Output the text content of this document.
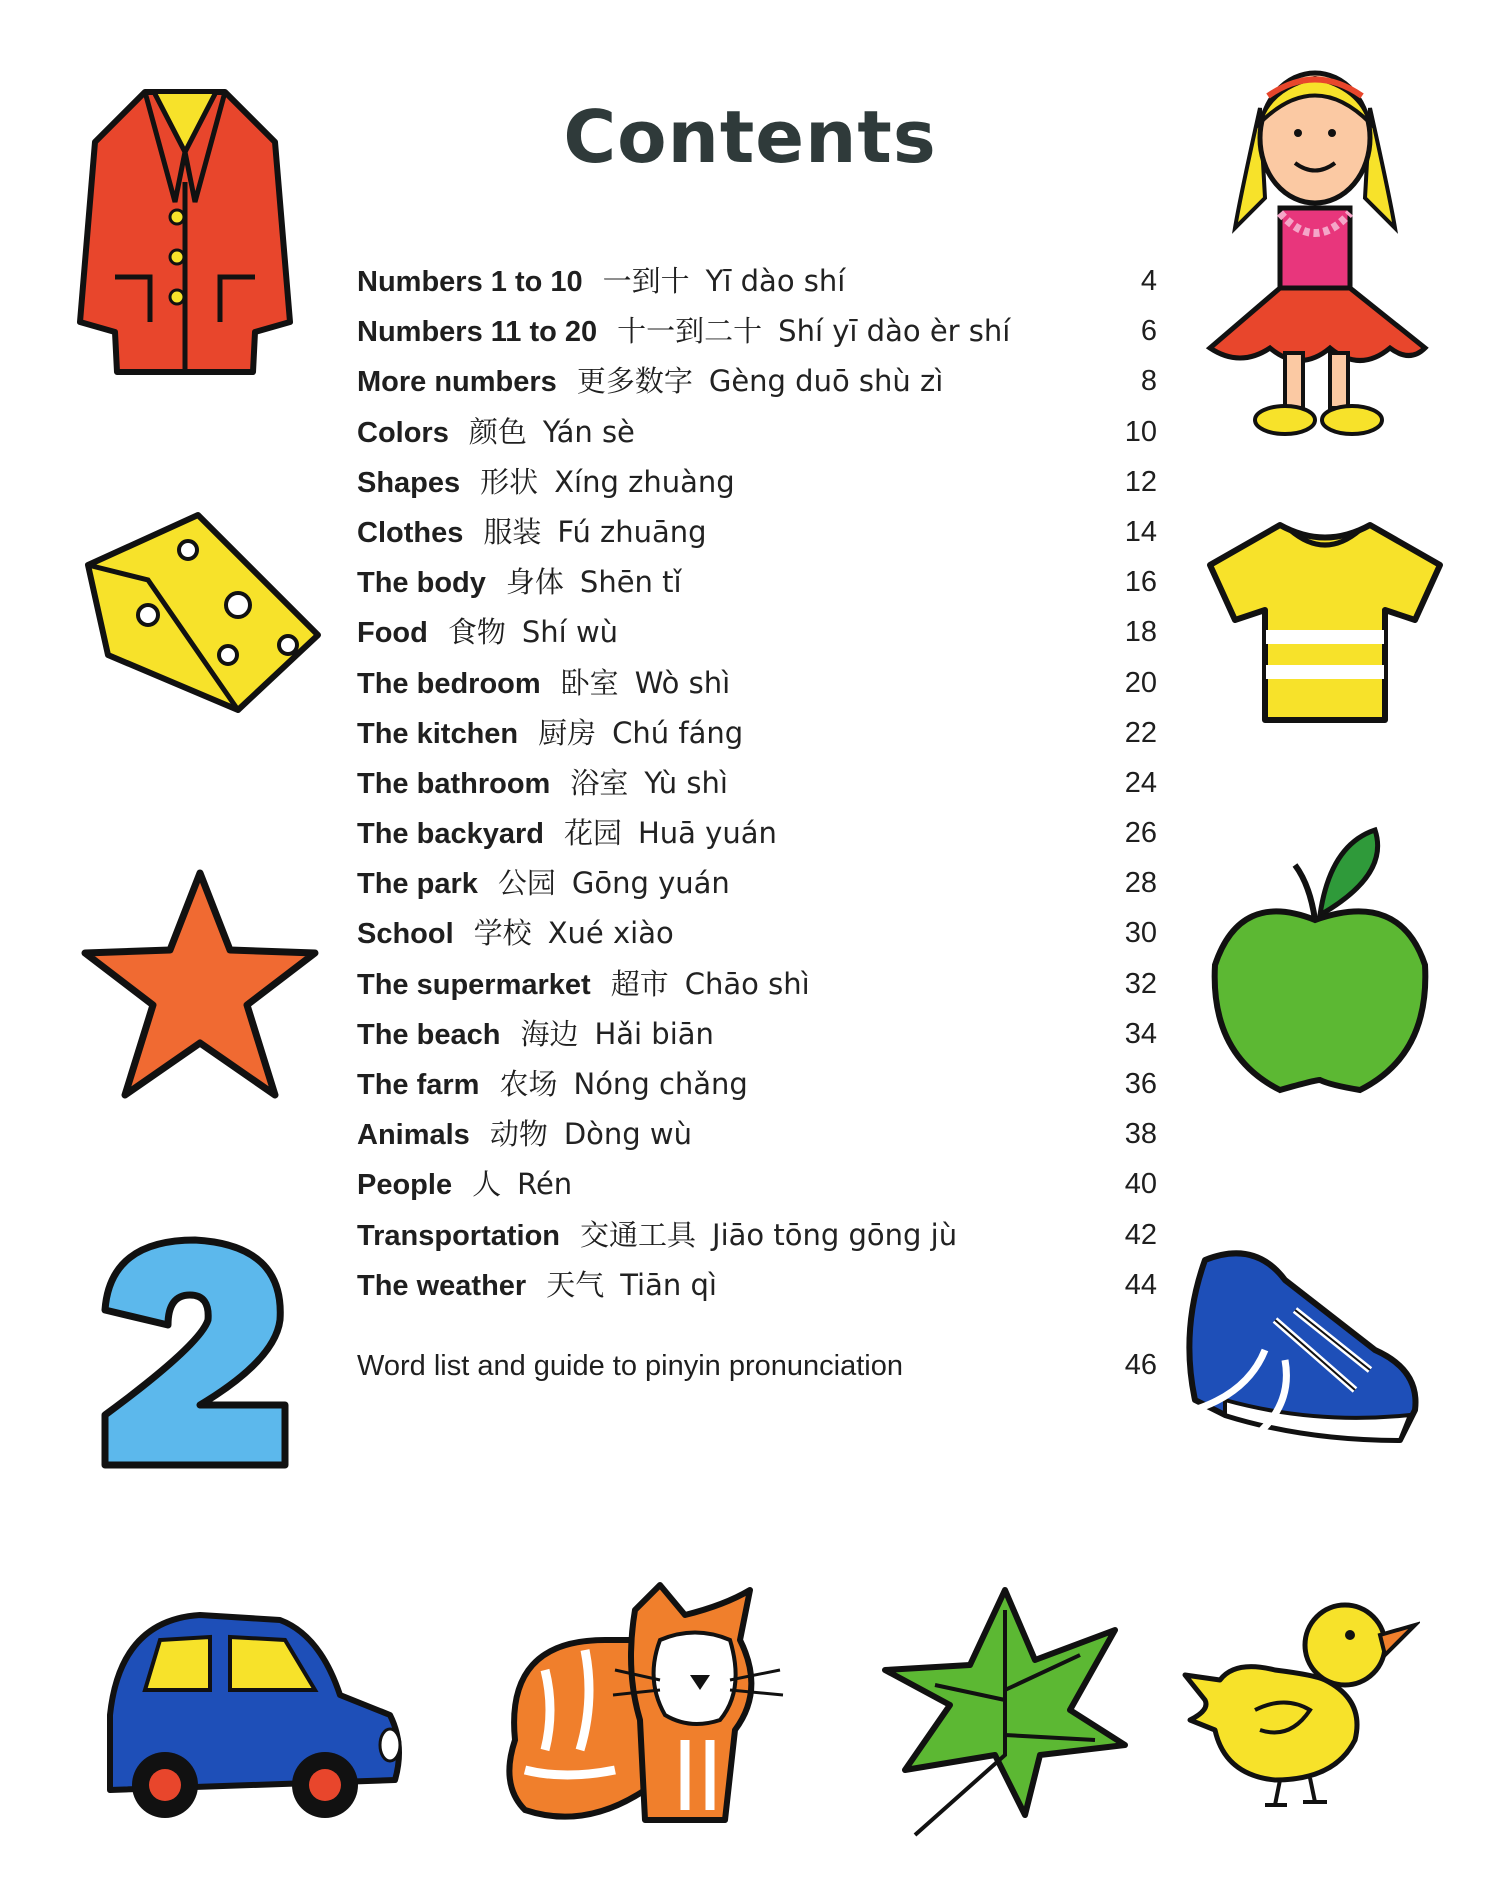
Contents
Numbers 1 to 10 一到十 Yī dào shí	4
Numbers 11 to 20 十一到二十 Shí yī dào èr shí	6
More numbers 更多数字 Gèng duō shù zì	8
Colors 颜色 Yán sè	10
Shapes 形状 Xíng zhuàng	12
Clothes 服装 Fú zhuāng	14
The body 身体 Shēn tǐ	16
Food 食物 Shí wù	18
The bedroom 卧室 Wò shì	20
The kitchen 厨房 Chú fáng	22
The bathroom 浴室 Yù shì	24
The backyard 花园 Huā yuán	26
The park 公园 Gōng yuán	28
School 学校 Xué xiào	30
The supermarket 超市 Chāo shì	32
The beach 海边 Hǎi biān	34
The farm 农场 Nóng chǎng	36
Animals 动物 Dòng wù	38
People 人 Rén	40
Transportation 交通工具 Jiāo tōng gōng jù	42
The weather 天气 Tiān qì	44
Word list and guide to pinyin pronunciation	46
